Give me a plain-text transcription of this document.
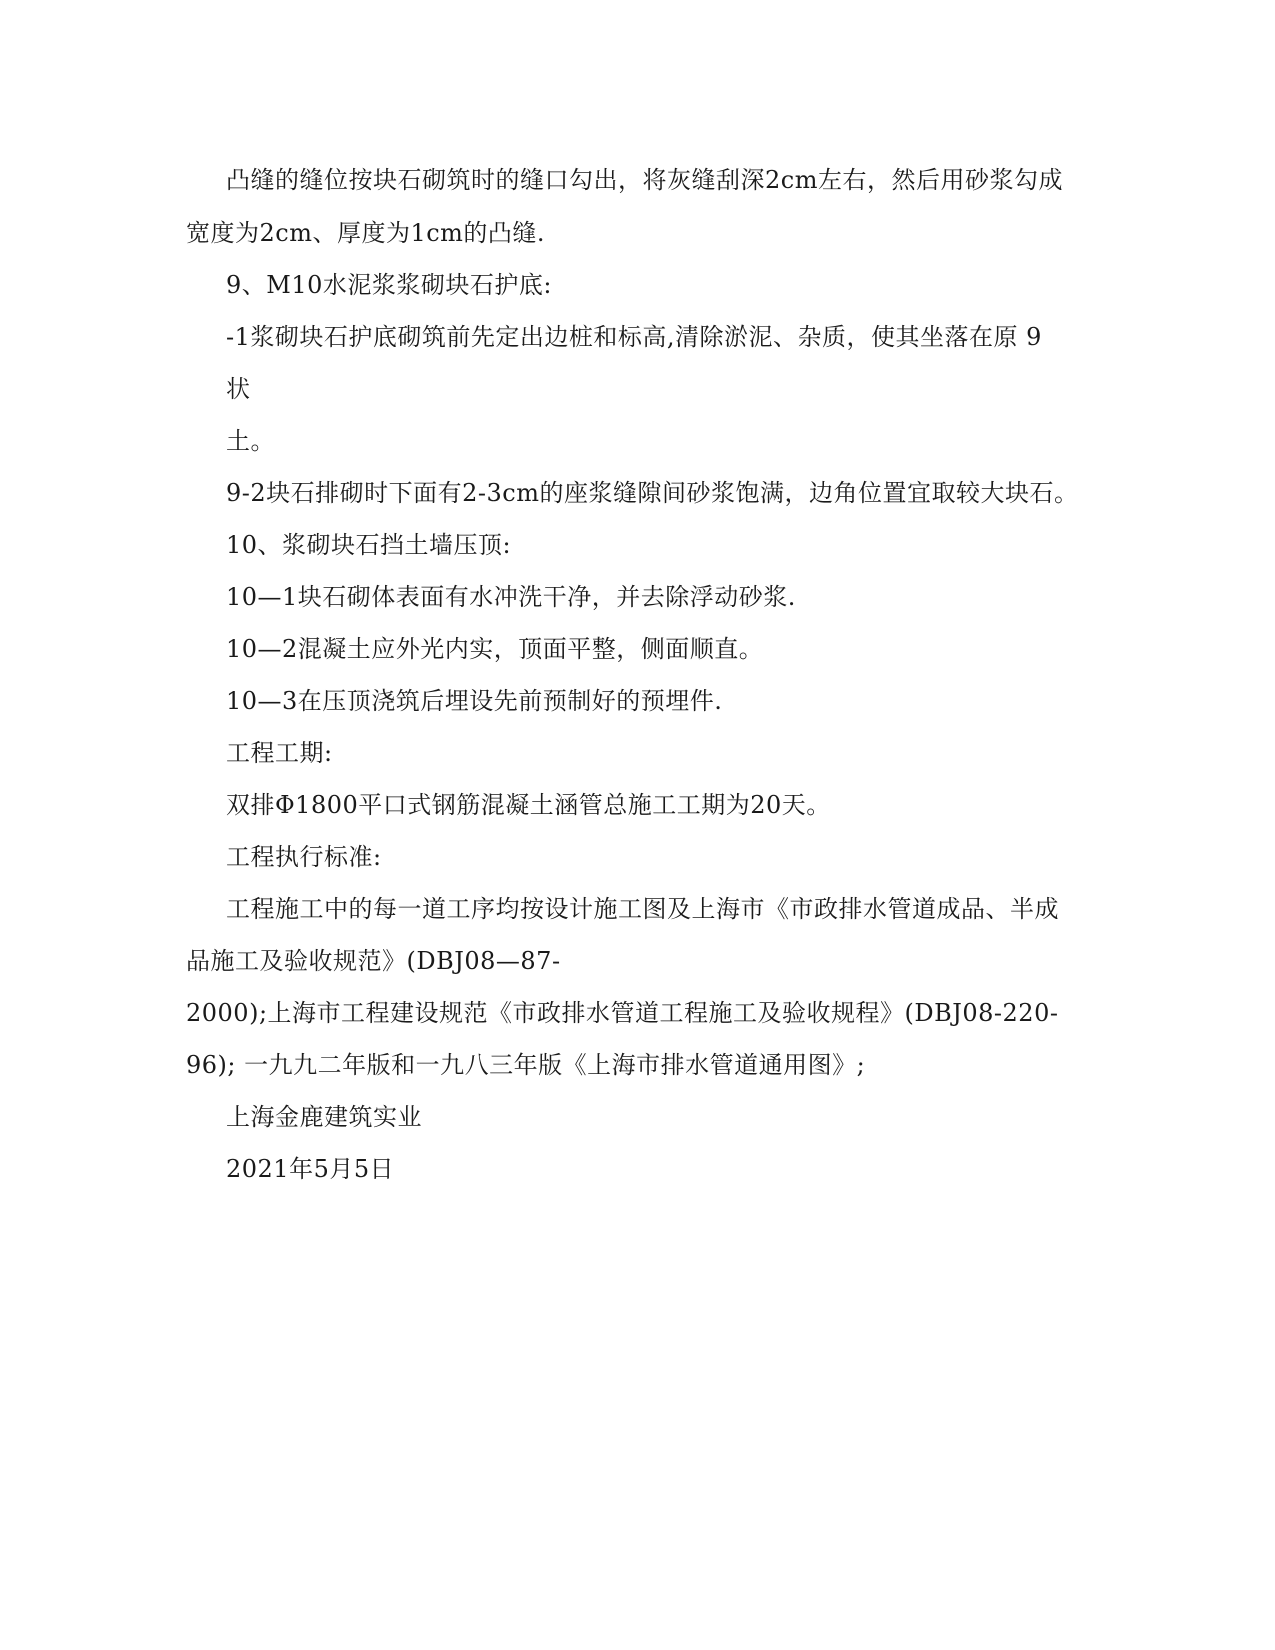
凸缝的缝位按块石砌筑时的缝口勾出，将灰缝刮深2cm左右，然后用砂浆勾成
宽度为2cm、厚度为1cm的凸缝.
9、M10水泥浆浆砌块石护底:
-1浆砌块石护底砌筑前先定出边桩和标高,清除淤泥、杂质，使其坐落在原 9
状
土。
9-2块石排砌时下面有2-3cm的座浆缝隙间砂浆饱满，边角位置宜取较大块石。
10、浆砌块石挡土墙压顶:
10—1块石砌体表面有水冲洗干净，并去除浮动砂浆.
10—2混凝土应外光内实，顶面平整，侧面顺直。
10—3在压顶浇筑后埋设先前预制好的预埋件.
工程工期:
双排Φ1800平口式钢筋混凝土涵管总施工工期为20天。
工程执行标准:
工程施工中的每一道工序均按设计施工图及上海市《市政排水管道成品、半成
品施工及验收规范》(DBJ08—87-
2000);上海市工程建设规范《市政排水管道工程施工及验收规程》(DBJ08-220-
96); 一九九二年版和一九八三年版《上海市排水管道通用图》;
上海金鹿建筑实业
2021年5月5日
